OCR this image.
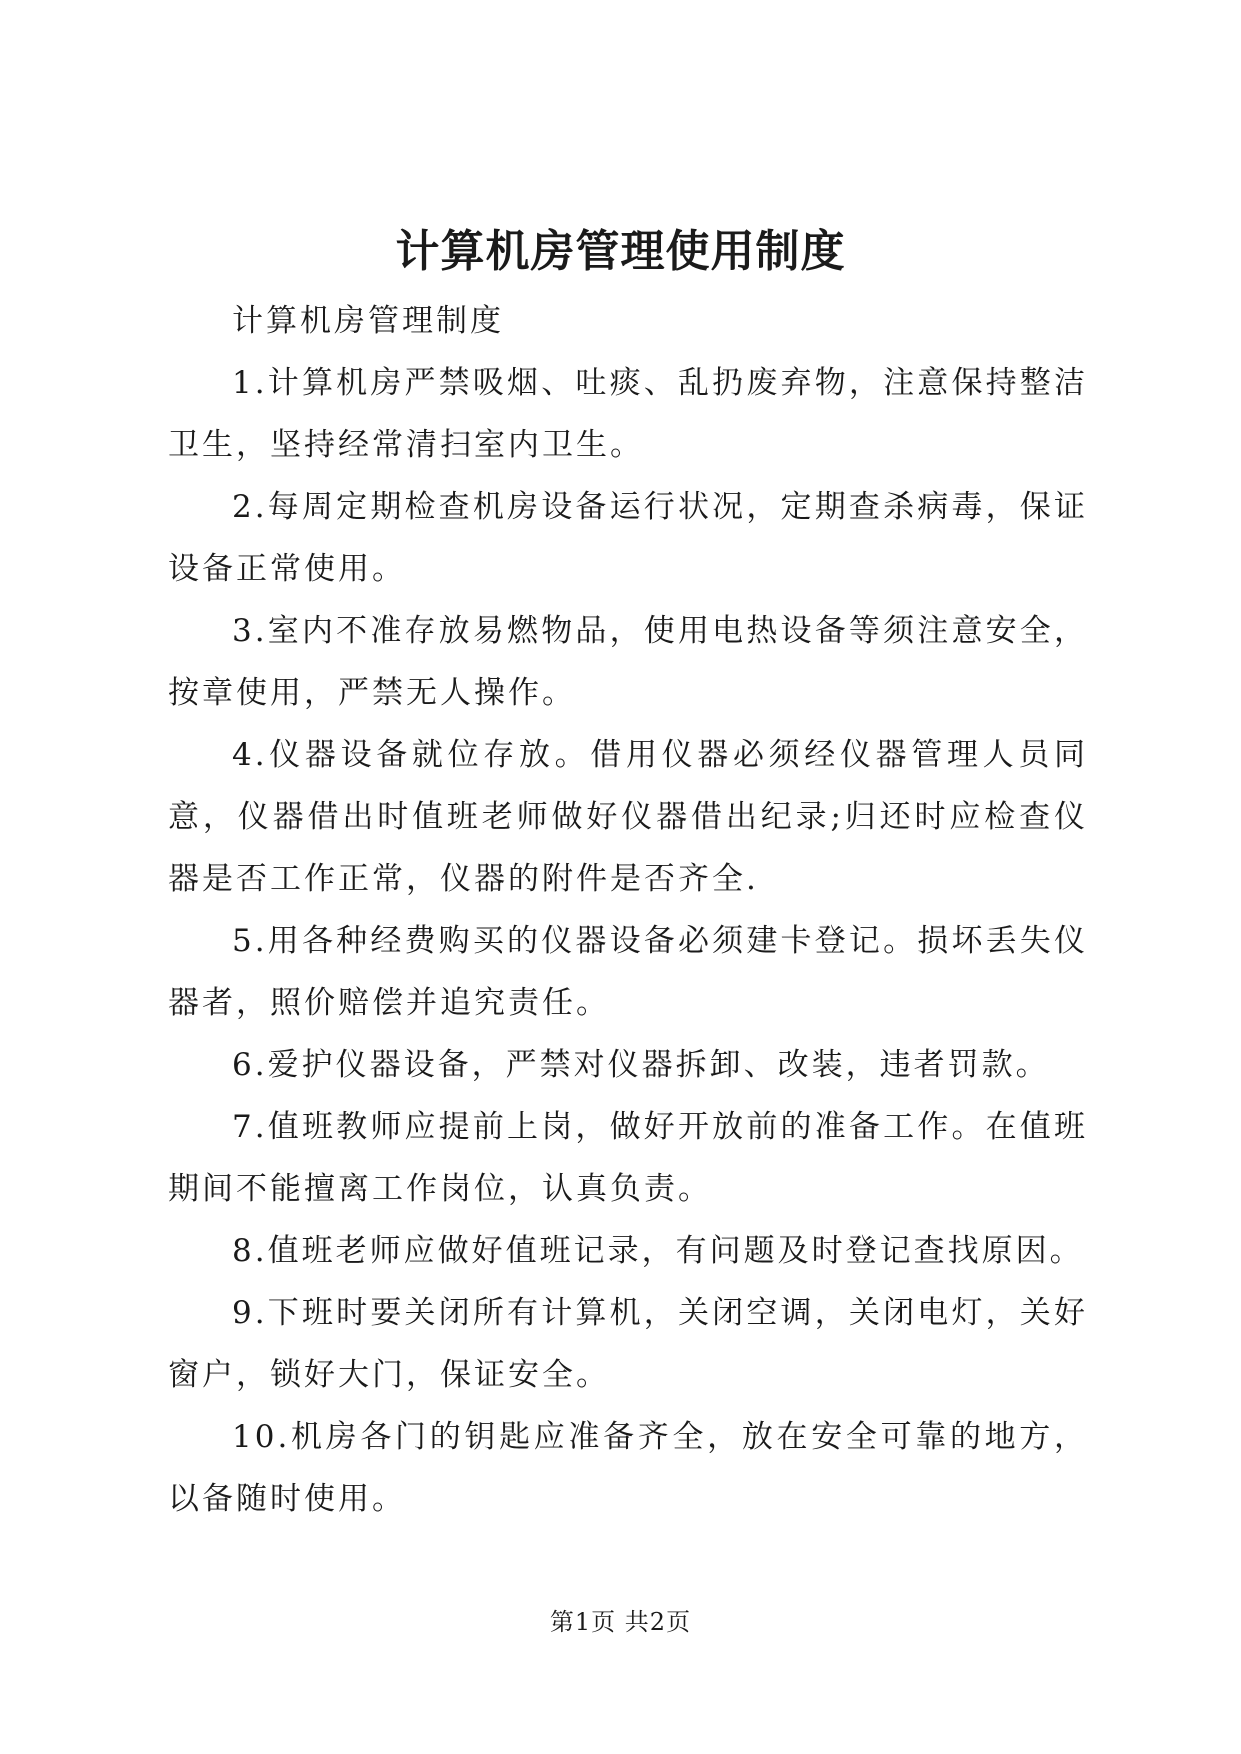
计算机房管理使用制度

计算机房管理制度

1.计算机房严禁吸烟、吐痰、乱扔废弃物，注意保持整洁卫生，坚持经常清扫室内卫生。

2.每周定期检查机房设备运行状况，定期查杀病毒，保证设备正常使用。

3.室内不准存放易燃物品，使用电热设备等须注意安全，按章使用，严禁无人操作。

4.仪器设备就位存放。借用仪器必须经仪器管理人员同意，仪器借出时值班老师做好仪器借出纪录;归还时应检查仪器是否工作正常，仪器的附件是否齐全.

5.用各种经费购买的仪器设备必须建卡登记。损坏丢失仪器者，照价赔偿并追究责任。

6.爱护仪器设备，严禁对仪器拆卸、改装，违者罚款。

7.值班教师应提前上岗，做好开放前的准备工作。在值班期间不能擅离工作岗位，认真负责。

8.值班老师应做好值班记录，有问题及时登记查找原因。

9.下班时要关闭所有计算机，关闭空调，关闭电灯，关好窗户，锁好大门，保证安全。

10.机房各门的钥匙应准备齐全，放在安全可靠的地方，以备随时使用。

第1页 共2页
